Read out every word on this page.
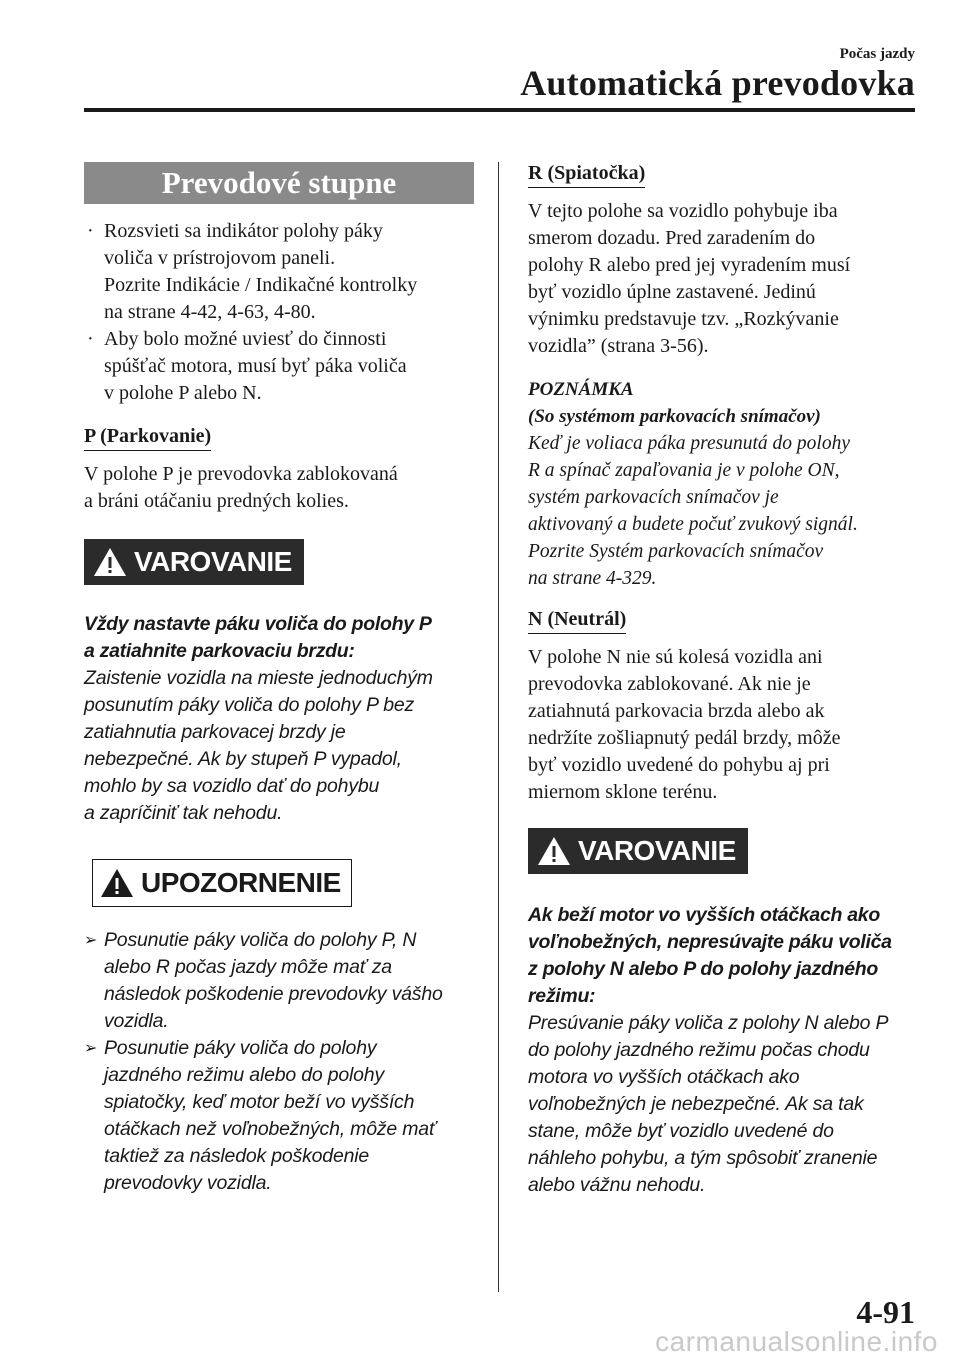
Počas jazdy
Automatická prevodovka
Prevodové stupne
· Rozsvieti sa indikátor polohy páky
voliča v prístrojovom paneli.
Pozrite Indikácie / Indikačné kontrolky
na strane 4-42, 4-63, 4-80.
· Aby bolo možné uviesť do činnosti
spúšťač motora, musí byť páka voliča
v polohe P alebo N.
P (Parkovanie)

V polohe P je prevodovka zablokovaná

a bráni otáčaniu predných kolies.

VAROVANIE

Vždy nastavte páku voliča do polohy P

a zatiahnite parkovaciu brzdu:

Zaistenie vozidla na mieste jednoduchým

posunutím páky voliča do polohy P bez

zatiahnutia parkovacej brzdy je

nebezpečné. Ak by stupeň P vypadol,

mohlo by sa vozidlo dať do pohybu

a zapríčiniť tak nehodu.

UPOZORNENIE
➢ Posunutie páky voliča do polohy P, N
alebo R počas jazdy môže mať za
následok poškodenie prevodovky vášho
vozidla.
➢ Posunutie páky voliča do polohy
jazdného režimu alebo do polohy
spiatočky, keď motor beží vo vyšších
otáčkach než voľnobežných, môže mať
taktiež za následok poškodenie
prevodovky vozidla.
R (Spiatočka)

V tejto polohe sa vozidlo pohybuje iba

smerom dozadu. Pred zaradením do

polohy R alebo pred jej vyradením musí

byť vozidlo úplne zastavené. Jedinú

výnimku predstavuje tzv. „Rozkývanie

vozidla” (strana 3-56).

POZNÁMKA

(So systémom parkovacích snímačov)

Keď je voliaca páka presunutá do polohy

R a spínač zapaľovania je v polohe ON,

systém parkovacích snímačov je

aktivovaný a budete počuť zvukový signál.

Pozrite Systém parkovacích snímačov

na strane 4-329.

N (Neutrál)

V polohe N nie sú kolesá vozidla ani

prevodovka zablokované. Ak nie je

zatiahnutá parkovacia brzda alebo ak

nedržíte zošliapnutý pedál brzdy, môže

byť vozidlo uvedené do pohybu aj pri

miernom sklone terénu.

VAROVANIE

Ak beží motor vo vyšších otáčkach ako

voľnobežných, nepresúvajte páku voliča

z polohy N alebo P do polohy jazdného

režimu:

Presúvanie páky voliča z polohy N alebo P

do polohy jazdného režimu počas chodu

motora vo vyšších otáčkach ako

voľnobežných je nebezpečné. Ak sa tak

stane, môže byť vozidlo uvedené do

náhleho pohybu, a tým spôsobiť zranenie

alebo vážnu nehodu.

4-91
carmanualsonline.info
